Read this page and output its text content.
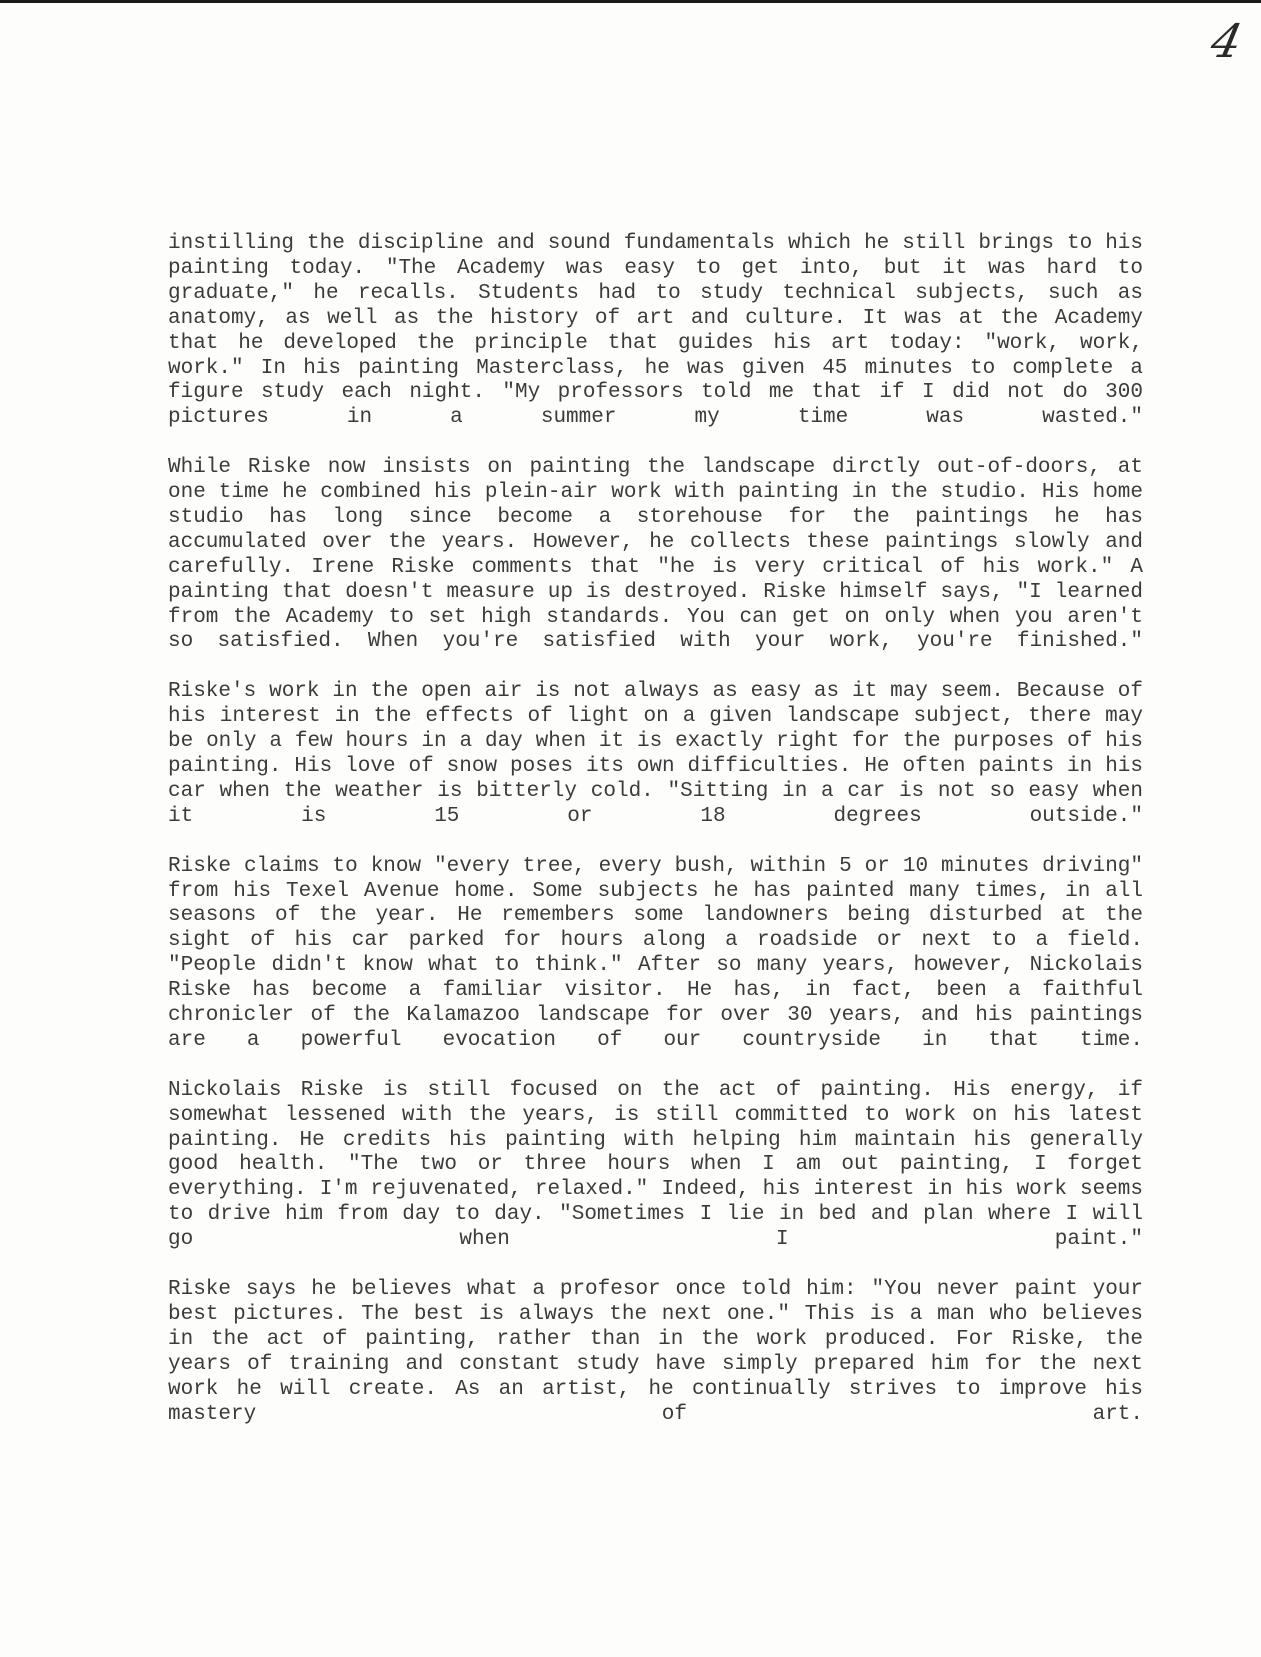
4

instilling the discipline and sound fundamentals which he still brings to his painting today. "The Academy was easy to get into, but it was hard to graduate," he recalls. Students had to study technical subjects, such as anatomy, as well as the history of art and culture. It was at the Academy that he developed the principle that guides his art today: "work, work, work." In his painting Masterclass, he was given 45 minutes to complete a figure study each night. "My professors told me that if I did not do 300 pictures in a summer my time was wasted."

While Riske now insists on painting the landscape dirctly out-of-doors, at one time he combined his plein-air work with painting in the studio. His home studio has long since become a storehouse for the paintings he has accumulated over the years. However, he collects these paintings slowly and carefully. Irene Riske comments that "he is very critical of his work." A painting that doesn't measure up is destroyed. Riske himself says, "I learned from the Academy to set high standards. You can get on only when you aren't so satisfied. When you're satisfied with your work, you're finished."

Riske's work in the open air is not always as easy as it may seem. Because of his interest in the effects of light on a given landscape subject, there may be only a few hours in a day when it is exactly right for the purposes of his painting. His love of snow poses its own difficulties. He often paints in his car when the weather is bitterly cold. "Sitting in a car is not so easy when it is 15 or 18 degrees outside."

Riske claims to know "every tree, every bush, within 5 or 10 minutes driving" from his Texel Avenue home. Some subjects he has painted many times, in all seasons of the year. He remembers some landowners being disturbed at the sight of his car parked for hours along a roadside or next to a field. "People didn't know what to think." After so many years, however, Nickolais Riske has become a familiar visitor. He has, in fact, been a faithful chronicler of the Kalamazoo landscape for over 30 years, and his paintings are a powerful evocation of our countryside in that time.

Nickolais Riske is still focused on the act of painting. His energy, if somewhat lessened with the years, is still committed to work on his latest painting. He credits his painting with helping him maintain his generally good health. "The two or three hours when I am out painting, I forget everything. I'm rejuvenated, relaxed." Indeed, his interest in his work seems to drive him from day to day. "Sometimes I lie in bed and plan where I will go when I paint."

Riske says he believes what a profesor once told him: "You never paint your best pictures. The best is always the next one." This is a man who believes in the act of painting, rather than in the work produced. For Riske, the years of training and constant study have simply prepared him for the next work he will create. As an artist, he continually strives to improve his mastery of art.
